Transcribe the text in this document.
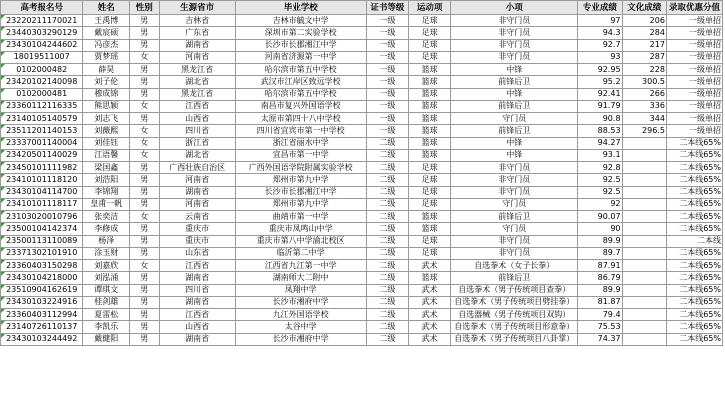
高考报名号	姓名	性别	生源省市	毕业学校	证书等级	运动项	小项	专业成绩	文化成绩	录取优惠分值
23220211170021	王禹博	男	吉林省	吉林市毓文中学	一级	足球	非守门员	97	206	一级单招
23440303290129	戴宸硕	男	广东省	深圳市第二实验学校	一级	足球	非守门员	94.3	284	一级单招
23430104244602	冯彦杰	男	湖南省	长沙市长郡湘江中学	一级	足球	非守门员	92.7	217	一级单招
18019511007	贾梦瑶	女	河南省	河南省济源第一中学	一级	足球	非守门员	93	287	一级单招
0102000482	薛昊	男	黑龙江省	哈尔滨市第五中学校	一级	篮球	中锋	92.95	228	一级单招
23420102140098	刘子伦	男	湖北省	武汉市江岸区致远学校	一级	篮球	前锋后卫	95.2	300.5	一级单招
0102000481	穆成锦	男	黑龙江省	哈尔滨市第五中学校	一级	篮球	中锋	92.41	266	一级单招
23360112116335	熊思颖	女	江西省	南昌市复兴外国语学校	一级	篮球	前锋后卫	91.79	336	一级单招
23140105140579	刘志飞	男	山西省	太原市第四十八中学校	一级	篮球	守门员	90.8	344	一级单招
23511201140153	刘薇熙	女	四川省	四川省宜宾市第一中学校	一级	篮球	前锋后卫	88.53	296.5	一级单招
23337001140004	刘佳钰	女	浙江省	浙江省丽水中学	二级	篮球	中锋	94.27		二本线65%
23420501140029	江语馨	女	湖北省	宜昌市第一中学	二级	篮球	中锋	93.1		二本线65%
23450101111982	梁国鑫	男	广西壮族自治区	广西外国语学院附属实验学校	二级	足球	非守门员	92.8		二本线65%
23410101118120	刘浩阳	男	河南省	郑州市第九中学	二级	足球	非守门员	92.5		二本线65%
23430104114700	李锦翔	男	湖南省	长沙市长郡湘江中学	二级	足球	非守门员	92.5		二本线65%
23410101118117	皇甫一帆	男	河南省	郑州市第九中学	二级	足球	守门员	92		二本线65%
23103020010796	张奕洁	女	云南省	曲靖市第一中学	二级	篮球	前锋后卫	90.07		二本线65%
23500104142374	李修成	男	重庆市	重庆市凤鸣山中学	二级	篮球	守门员	90		二本线65%
23500113110089	杨泽	男	重庆市	重庆市第八中学渝北校区	二级	足球	非守门员	89.9		二本线
23371302101910	涂玉财	男	山东省	临沂第二中学	二级	足球	非守门员	89.7		二本线65%
23360403150298	刘嘉欣	女	江西省	江西省九江第一中学	二级	武术	自选拳术（女子长拳）	87.91		二本线65%
23430104218000	刘泓涌	男	湖南省	湖南师大二附中	二级	篮球	前锋后卫	86.79		二本线65%
23510904162619	谭琪文	男	四川省	凤翔中学	二级	武术	自选拳术（男子传统项目查拳）	89.9		二本线65%
23430103224916	桂剑雄	男	湖南省	长沙市湘府中学	二级	武术	自选拳术（男子传统项目劈挂拳）	81.87		二本线65%
23360403112994	夏雷松	男	江西省	九江外国语学校	二级	武术	自选器械（男子传统项目双钩）	79.4		二本线65%
23140726110137	李凯乐	男	山西省	太谷中学	二级	武术	自选拳术（男子传统项目形意拳）	75.53		二本线65%
23430103244492	戴健阳	男	湖南省	长沙市湘府中学	二级	武术	自选拳术（男子传统项目八卦掌）	74.37		二本线65%
